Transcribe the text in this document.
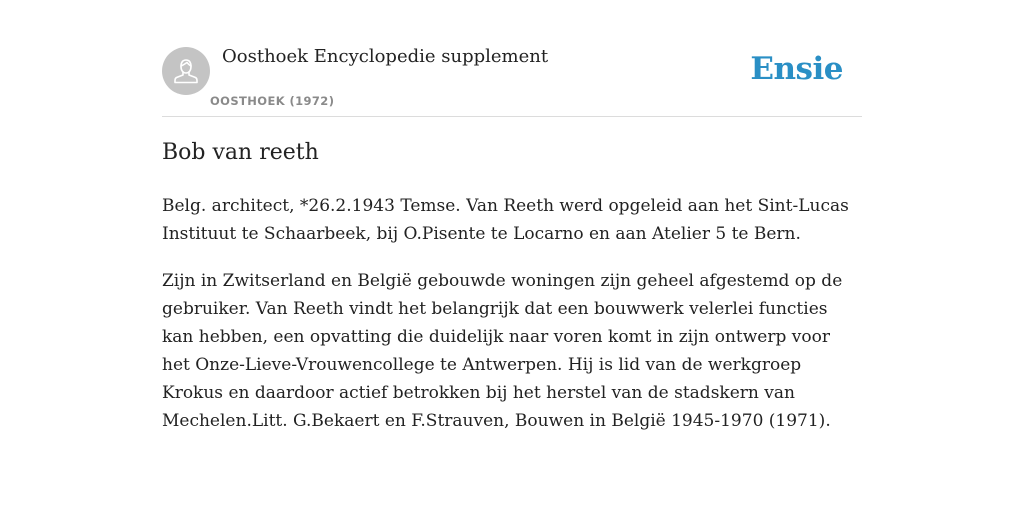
Oosthoek Encyclopedie supplement
OOSTHOEK (1972)
Ensie
Bob van reeth

Belg. architect, *26.2.1943 Temse. Van Reeth werd opgeleid aan het Sint-Lucas Instituut te Schaarbeek, bij O.Pisente te Locarno en aan Atelier 5 te Bern.

Zijn in Zwitserland en België gebouwde woningen zijn geheel afgestemd op de gebruiker. Van Reeth vindt het belangrijk dat een bouwwerk velerlei functies kan hebben, een opvatting die duidelijk naar voren komt in zijn ontwerp voor het Onze-Lieve-Vrouwencollege te Antwerpen. Hij is lid van de werkgroep Krokus en daardoor actief betrokken bij het herstel van de stadskern van Mechelen.Litt. G.Bekaert en F.Strauven, Bouwen in België 1945-1970 (1971).
